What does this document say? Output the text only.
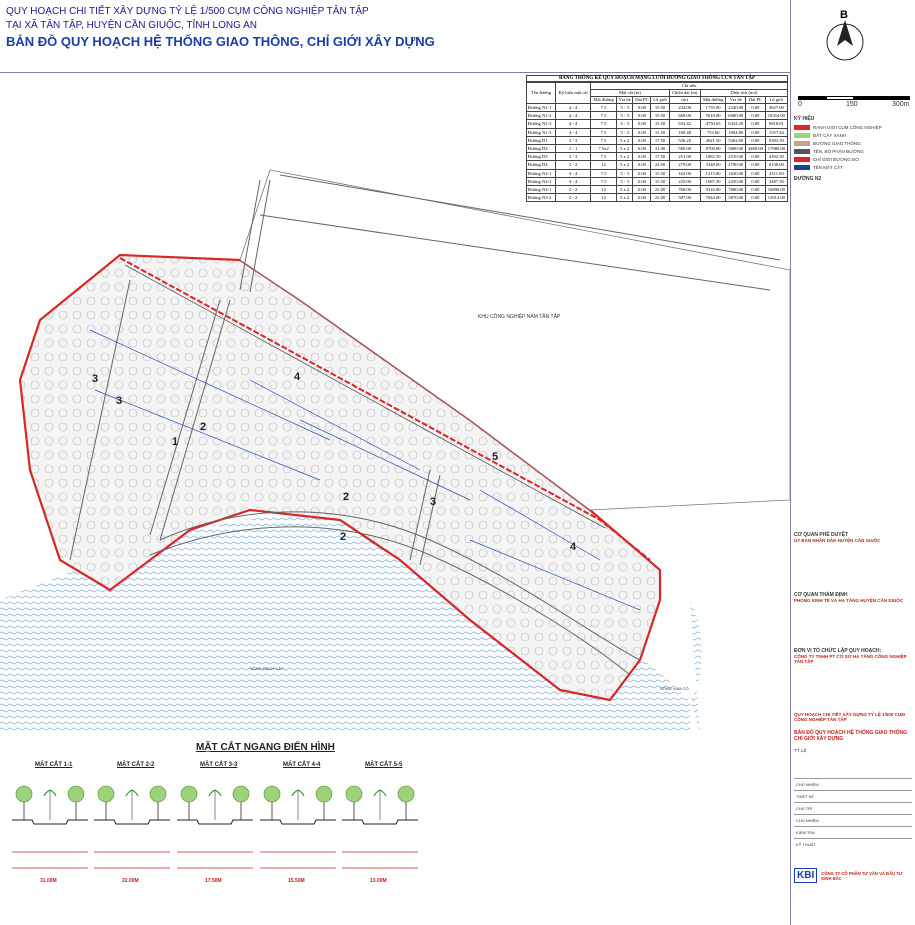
QUY HOẠCH CHI TIẾT XÂY DỰNG TỶ LỆ 1/500 CỤM CÔNG NGHIỆP TÂN TẬP
TẠI XÃ TÂN TẬP, HUYỆN CẦN GIUỘC, TỈNH LONG AN
BẢN ĐỒ QUY HOẠCH HỆ THỐNG GIAO THÔNG, CHỈ GIỚI XÂY DỰNG
3
3
1
2
2
4
2
5
3
4
KHU CÔNG NGHIỆP NAM TÂN TẬP
SÔNG RẠCH CÁT
SÔNG VÀM CỎ
BẢNG THỐNG KÊ QUY HOẠCH MẠNG LƯỚI ĐƯỜNG GIAO THÔNG CCN TÂN TẬP
Tên đường	Ký hiệu mặt cắt	Chỉ tiêu								
		Mặt cắt (m)				Chiều dài (m)	Diện tích (m2)			
		Mặt đường	Vỉa hè	Dải PC	Lộ giới	(m)	Mặt đường	Vỉa hè	Dải PC	Lộ giới
Đường N1-1	4 - 4	7.5	5 - 3	0.00	15.50	234.00	1755.00	2340.00	0.00	3627.00
Đường N1-2	4 - 4	7.5	5 - 3	0.00	15.50	668.00	5010.00	6680.00	0.00	10354.00
Đường N1-3	4 - 4	7.5	5 - 3	0.00	15.50	633.42	4750.65	6334.20	0.00	9818.01
Đường N1-3	4 - 4	7.5	5 - 3	0.00	15.50	100.48	753.60	1004.80	0.00	1557.44
Đường D1	3 - 3	7.5	5 x 2	0.00	17.50	536.20	4021.50	5362.00	0.00	9383.50
Đường D2	1 - 1	7.5x2	5 x 2	6.00	31.00	580.00	8700.00	5800.00	3480.00	17980.00
Đường D3	3 - 3	7.5	5 x 2	0.00	17.50	251.00	1882.50	2510.00	0.00	4392.50
Đường D4	2 - 2	12	5 x 2	0.00	22.00	279.00	3348.00	2790.00	0.00	6138.00
Đường N2-1	4 - 4	7.5	5 - 3	0.00	15.50	162.00	1215.00	1620.00	0.00	2511.00
Đường N2-2	4 - 4	7.5	5 - 3	0.00	15.50	225.00	1687.50	2250.00	0.00	3487.50
Đường N3-1	2 - 2	12	5 x 2	0.00	22.00	768.00	9216.00	7680.00	0.00	16896.00
Đường N3-2	2 - 2	12	5 x 2	0.00	22.00	587.00	7044.00	5870.00	0.00	12914.00
B
0	150	300m
KÝ HIỆU
RANH GIỚI CỤM CÔNG NGHIỆP
ĐẤT CÂY XANH
ĐƯỜNG GIAO THÔNG
TÊN, BỘ PHẬN ĐƯỜNG
CHỈ GIỚI ĐƯỜNG ĐỎ
TÊN MẶT CẮT
ĐƯỜNG N2
CƠ QUAN PHÊ DUYỆT
ỦY BAN NHÂN DÂN HUYỆN CẦN GIUỘC
CƠ QUAN THẨM ĐỊNH
PHÒNG KINH TẾ VÀ HẠ TẦNG HUYỆN CẦN GIUỘC
ĐƠN VỊ TỔ CHỨC LẬP QUY HOẠCH:
CÔNG TY TNHH PT CƠ SỞ HẠ TẦNG CÔNG NGHIỆP TÂN TẬP
QUY HOẠCH CHI TIẾT XÂY DỰNG TỶ LỆ 1/500 CỤM CÔNG NGHIỆP TÂN TẬP
BẢN ĐỒ QUY HOẠCH HỆ THỐNG GIAO THÔNG CHỈ GIỚI XÂY DỰNG
TỶ LỆ
CHỦ NHIỆM
THIẾT KẾ
CHỦ TRÌ
CHỦ NHIỆM
KIỂM TRA
KỸ THUẬT
KBI	CÔNG TY CỔ PHẦN TƯ VẤN VÀ ĐẦU TƯ KINH BẮC
MẶT CẮT NGANG ĐIỂN HÌNH
MẶT CẮT 1-1
31.00M
MẶT CẮT 2-2
22.00M
MẶT CẮT 3-3
17.50M
MẶT CẮT 4-4
15.50M
MẶT CẮT 5-5
13.00M
